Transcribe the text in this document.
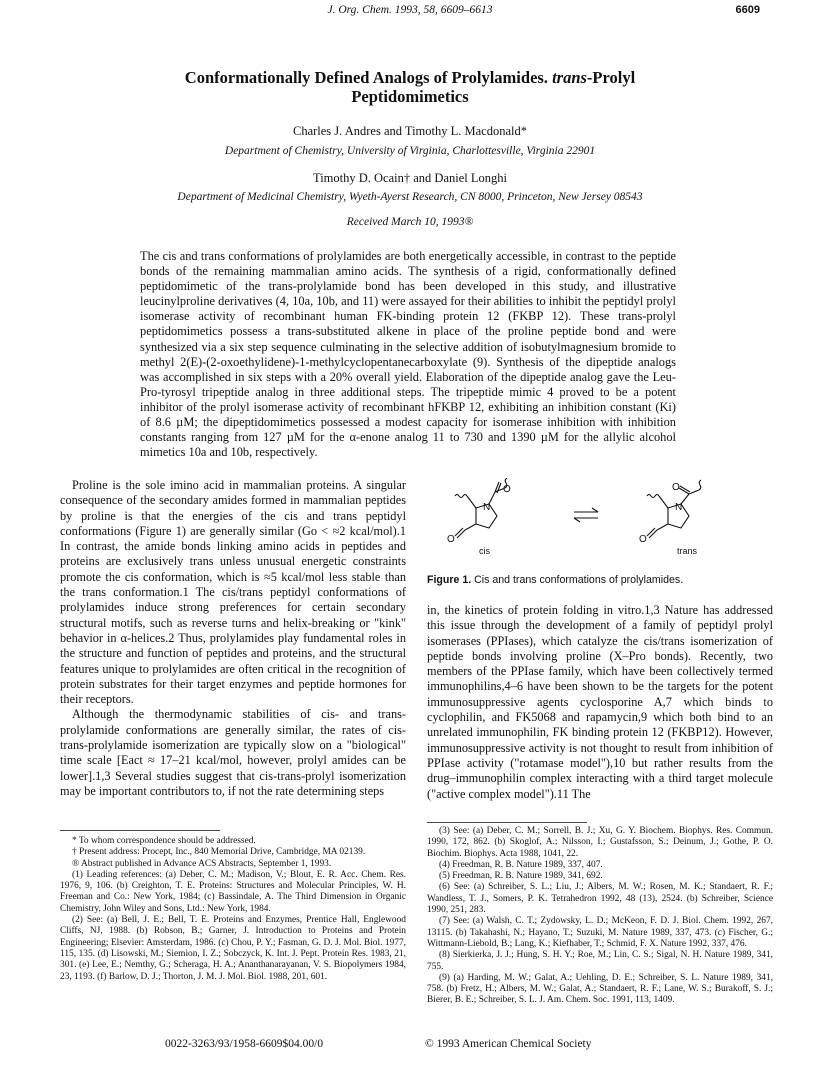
J. Org. Chem. 1993, 58, 6609–6613	6609
Conformationally Defined Analogs of Prolylamides. trans-Prolyl
Peptidomimetics
Charles J. Andres and Timothy L. Macdonald*
Department of Chemistry, University of Virginia, Charlottesville, Virginia 22901
Timothy D. Ocain† and Daniel Longhi
Department of Medicinal Chemistry, Wyeth-Ayerst Research, CN 8000, Princeton, New Jersey 08543
Received March 10, 1993®

The cis and trans conformations of prolylamides are both energetically accessible, in contrast to the peptide bonds of the remaining mammalian amino acids. The synthesis of a rigid, conformationally defined peptidomimetic of the trans-prolylamide bond has been developed in this study, and illustrative leucinylproline derivatives (4, 10a, 10b, and 11) were assayed for their abilities to inhibit the peptidyl prolyl isomerase activity of recombinant human FK-binding protein 12 (FKBP 12). These trans-prolyl peptidomimetics possess a trans-substituted alkene in place of the proline peptide bond and were synthesized via a six step sequence culminating in the selective addition of isobutylmagnesium bromide to methyl 2(E)-(2-oxoethylidene)-1-methylcyclopentanecarboxylate (9). Synthesis of the dipeptide analogs was accomplished in six steps with a 20% overall yield. Elaboration of the dipeptide analog gave the Leu-Pro-tyrosyl tripeptide analog in three additional steps. The tripeptide mimic 4 proved to be a potent inhibitor of the prolyl isomerase activity of recombinant hFKBP 12, exhibiting an inhibition constant (Ki) of 8.6 µM; the dipeptidomimetics possessed a modest capacity for isomerase inhibition with inhibition constants ranging from 127 µM for the α-enone analog 11 to 730 and 1390 µM for the allylic alcohol mimetics 10a and 10b, respectively.

Proline is the sole imino acid in mammalian proteins. A singular consequence of the secondary amides formed in mammalian peptides by proline is that the energies of the cis and trans peptidyl conformations (Figure 1) are generally similar (Go < ≈2 kcal/mol).1 In contrast, the amide bonds linking amino acids in peptides and proteins are exclusively trans unless unusual energetic constraints promote the cis conformation, which is ≈5 kcal/mol less stable than the trans conformation.1 The cis/trans peptidyl conformations of prolylamides induce strong preferences for certain secondary structural motifs, such as reverse turns and helix-breaking or "kink" behavior in α-helices.2 Thus, prolylamides play fundamental roles in the structure and function of peptides and proteins, and the structural features unique to prolylamides are often critical in the recognition of protein substrates for their target enzymes and peptide hormones for their receptors.

Although the thermodynamic stabilities of cis- and trans-prolylamide conformations are generally similar, the rates of cis-trans-prolylamide isomerization are typically slow on a "biological" time scale [Eact ≈ 17–21 kcal/mol, however, prolyl amides can be lower].1,3 Several studies suggest that cis-trans-prolyl isomerization may be important contributors to, if not the rate determining steps

O
N
O
O
N
O
cis	trans
Figure 1. Cis and trans conformations of prolylamides.

in, the kinetics of protein folding in vitro.1,3 Nature has addressed this issue through the development of a family of peptidyl prolyl isomerases (PPIases), which catalyze the cis/trans isomerization of peptide bonds involving proline (X–Pro bonds). Recently, two members of the PPIase family, which have been collectively termed immunophilins,4–6 have been shown to be the targets for the potent immunosuppressive agents cyclosporine A,7 which binds to cyclophilin, and FK5068 and rapamycin,9 which both bind to an unrelated immunophilin, FK binding protein 12 (FKBP12). However, immunosuppressive activity is not thought to result from inhibition of PPIase activity ("rotamase model"),10 but rather results from the drug–immunophilin complex interacting with a third target molecule ("active complex model").11 The

* To whom correspondence should be addressed.

† Present address: Procept, Inc., 840 Memorial Drive, Cambridge, MA 02139.

® Abstract published in Advance ACS Abstracts, September 1, 1993.

(1) Leading references: (a) Deber, C. M.; Madison, V.; Blout, E. R. Acc. Chem. Res. 1976, 9, 106. (b) Creighton, T. E. Proteins: Structures and Molecular Principles, W. H. Freeman and Co.: New York, 1984; (c) Bassindale, A. The Third Dimension in Organic Chemistry, John Wiley and Sons, Ltd.: New York, 1984.

(2) See: (a) Bell, J. E.; Bell, T. E. Proteins and Enzymes, Prentice Hall, Englewood Cliffs, NJ, 1988. (b) Robson, B.; Garner, J. Introduction to Proteins and Protein Engineering; Elsevier: Amsterdam, 1986. (c) Chou, P. Y.; Fasman, G. D. J. Mol. Biol. 1977, 115, 135. (d) Lisowski, M.; Siemion, I. Z.; Sobczyck, K. Int. J. Pept. Protein Res. 1983, 21, 301. (e) Lee, E.; Nemthy, G.; Scheraga, H. A.; Ananthanarayanan, V. S. Biopolymers 1984, 23, 1193. (f) Barlow, D. J.; Thorton, J. M. J. Mol. Biol. 1988, 201, 601.

(3) See: (a) Deber, C. M.; Sorrell, B. J.; Xu, G. Y. Biochem. Biophys. Res. Commun. 1990, 172, 862. (b) Skoglof, A.; Nilsson, I.; Gustafsson, S.; Deinum, J.; Gothe, P. O. Biochim. Biophys. Acta 1988, 1041, 22.

(4) Freedman, R. B. Nature 1989, 337, 407.

(5) Freedman, R. B. Nature 1989, 341, 692.

(6) See: (a) Schreiber, S. L.; Liu, J.; Albers, M. W.; Rosen, M. K.; Standaert, R. F.; Wandless, T. J., Somers, P. K. Tetrahedron 1992, 48 (13), 2524. (b) Schreiber, Science 1990, 251, 283.

(7) See: (a) Walsh, C. T.; Zydowsky, L. D.; McKeon, F. D. J. Biol. Chem. 1992, 267, 13115. (b) Takahashi, N.; Hayano, T.; Suzuki, M. Nature 1989, 337, 473. (c) Fischer, G.; Wittmann-Liebold, B.; Lang, K.; Kiefhaber, T.; Schmid, F. X. Nature 1992, 337, 476.

(8) Sierkierka, J. J.; Hung, S. H. Y.; Roe, M.; Lin, C. S.; Sigal, N. H. Nature 1989, 341, 755.

(9) (a) Harding, M. W.; Galat, A.; Uehling, D. E.; Schreiber, S. L. Nature 1989, 341, 758. (b) Fretz, H.; Albers, M. W.; Galat, A.; Standaert, R. F.; Lane, W. S.; Burakoff, S. J.; Bierer, B. E.; Schreiber, S. L. J. Am. Chem. Soc. 1991, 113, 1409.

0022-3263/93/1958-6609$04.00/0	© 1993 American Chemical Society
